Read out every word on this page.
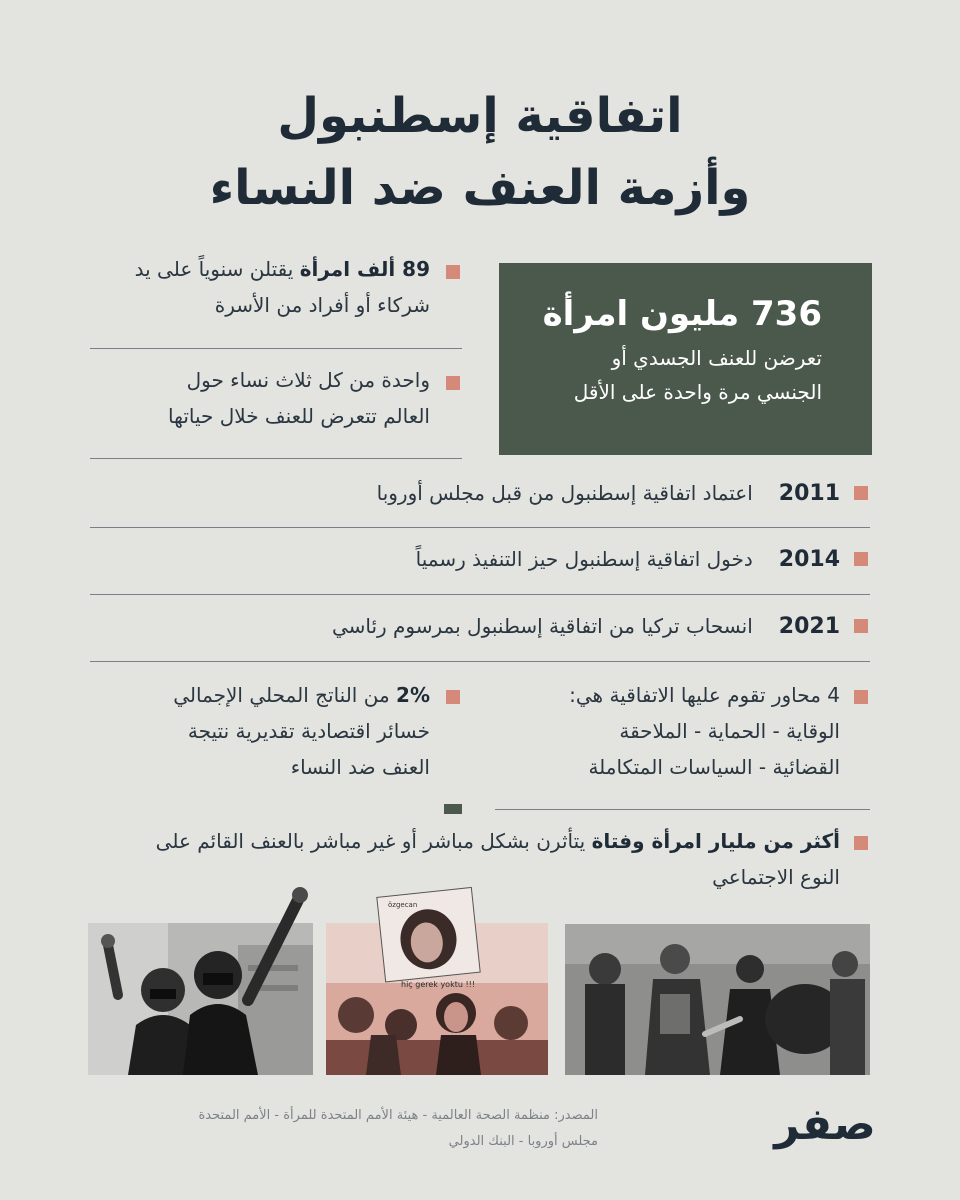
اتفاقية إسطنبول
وأزمة العنف ضد النساء
736 مليون امرأة
تعرضن للعنف الجسدي أو
الجنسي مرة واحدة على الأقل
89 ألف امرأة يقتلن سنوياً على يد
شركاء أو أفراد من الأسرة
واحدة من كل ثلاث نساء حول
العالم تتعرض للعنف خلال حياتها
2011اعتماد اتفاقية إسطنبول من قبل مجلس أوروبا
2014دخول اتفاقية إسطنبول حيز التنفيذ رسمياً
2021انسحاب تركيا من اتفاقية إسطنبول بمرسوم رئاسي
4 محاور تقوم عليها الاتفاقية هي:
الوقاية - الحماية - الملاحقة
القضائية - السياسات المتكاملة
2% من الناتج المحلي الإجمالي
خسائر اقتصادية تقديرية نتيجة
العنف ضد النساء
أكثر من مليار امرأة وفتاة يتأثرن بشكل مباشر أو غير مباشر بالعنف القائم على
النوع الاجتماعي
özgecan
hiç gerek yoktu !!!
المصدر: منظمة الصحة العالمية - هيئة الأمم المتحدة للمرأة - الأمم المتحدة
مجلس أوروبا - البنك الدولي	صفر
